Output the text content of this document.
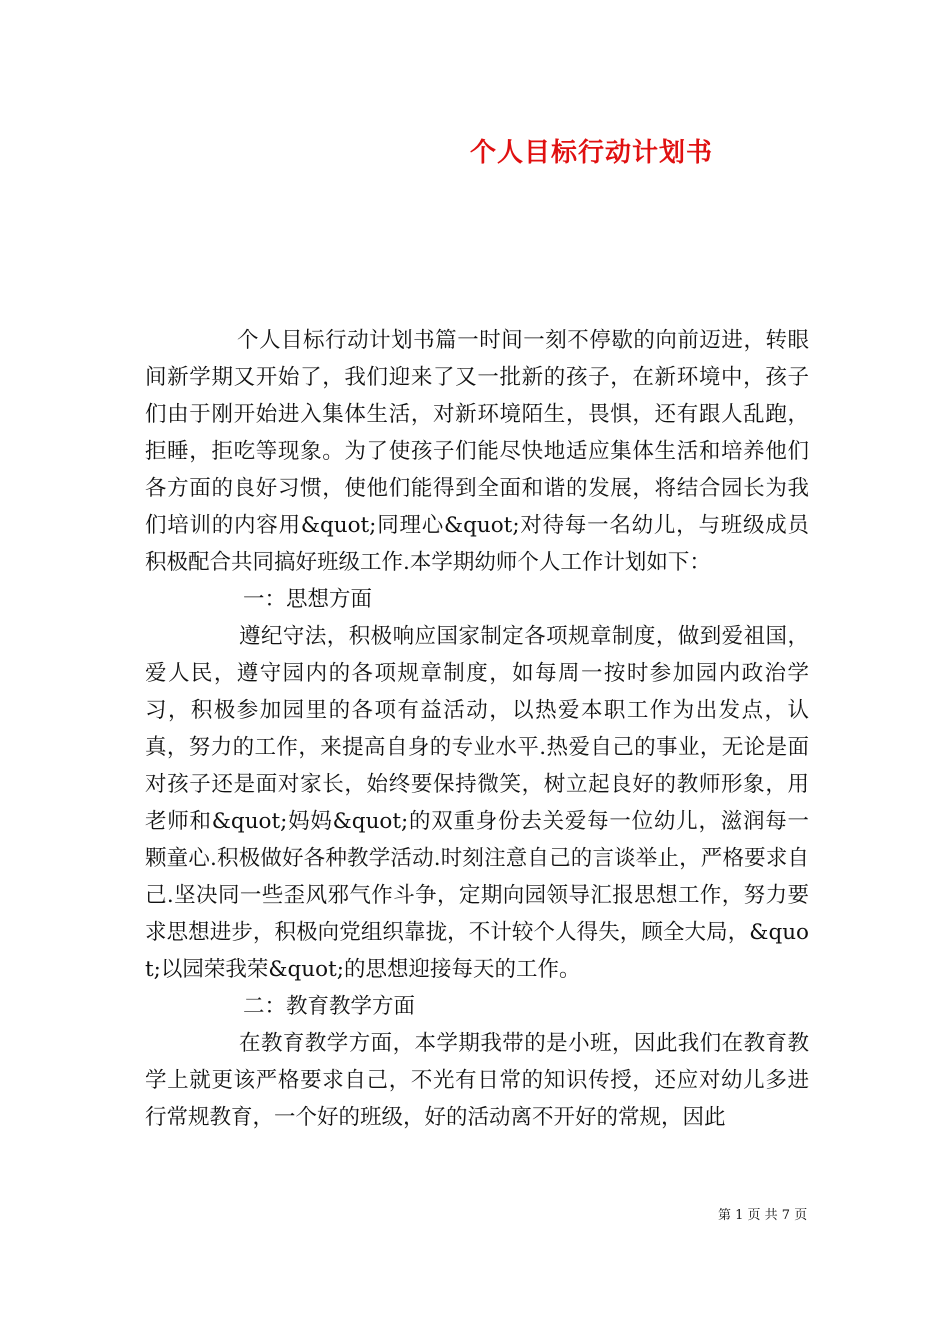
个人目标行动计划书

个人目标行动计划书篇一时间一刻不停歇的向前迈进，转眼间新学期又开始了，我们迎来了又一批新的孩子，在新环境中，孩子们由于刚开始进入集体生活，对新环境陌生，畏惧，还有跟人乱跑，拒睡，拒吃等现象。为了使孩子们能尽快地适应集体生活和培养他们各方面的良好习惯，使他们能得到全面和谐的发展，将结合园长为我们培训的内容用&quot;同理心&quot;对待每一名幼儿，与班级成员积极配合共同搞好班级工作.本学期幼师个人工作计划如下：

一：思想方面

遵纪守法，积极响应国家制定各项规章制度，做到爱祖国，爱人民，遵守园内的各项规章制度，如每周一按时参加园内政治学习，积极参加园里的各项有益活动，以热爱本职工作为出发点，认真，努力的工作，来提高自身的专业水平.热爱自己的事业，无论是面对孩子还是面对家长，始终要保持微笑，树立起良好的教师形象，用老师和&quot;妈妈&quot;的双重身份去关爱每一位幼儿，滋润每一颗童心.积极做好各种教学活动.时刻注意自己的言谈举止，严格要求自己.坚决同一些歪风邪气作斗争，定期向园领导汇报思想工作，努力要求思想进步，积极向党组织靠拢，不计较个人得失，顾全大局，&quot;以园荣我荣&quot;的思想迎接每天的工作。

二：教育教学方面

在教育教学方面，本学期我带的是小班，因此我们在教育教学上就更该严格要求自己，不光有日常的知识传授，还应对幼儿多进行常规教育，一个好的班级，好的活动离不开好的常规，因此

第 1 页 共 7 页
